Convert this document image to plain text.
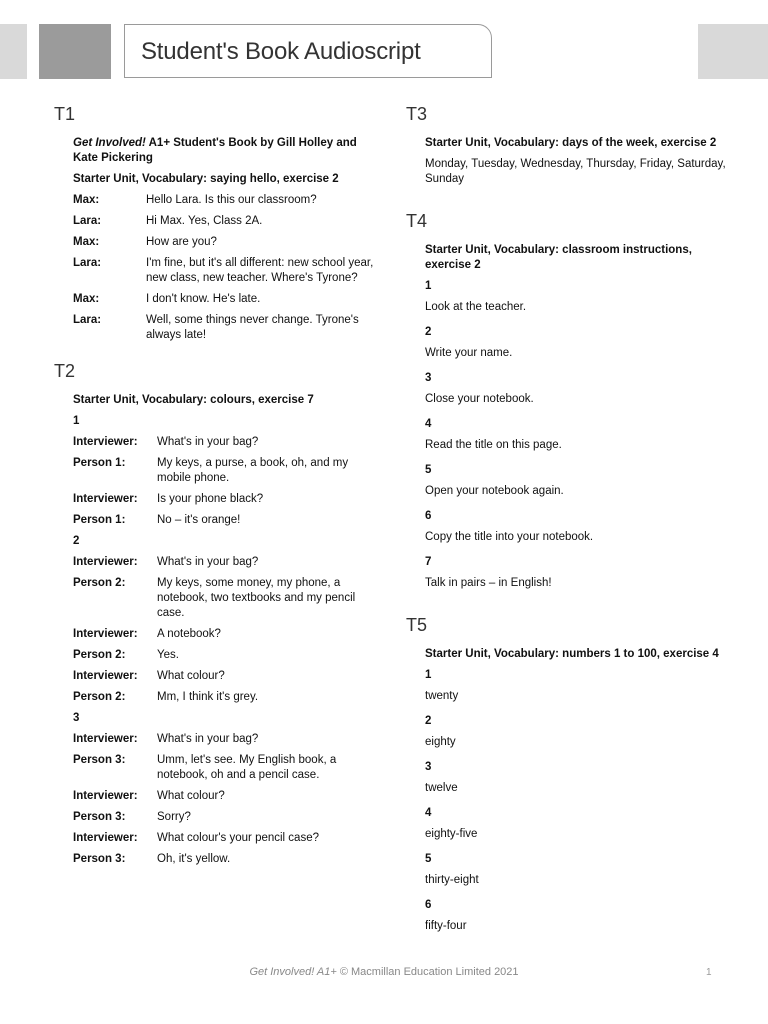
Student's Book Audioscript
T1

Get Involved! A1+ Student's Book by Gill Holley and Kate Pickering

Starter Unit, Vocabulary: saying hello, exercise 2

Max:	Hello Lara. Is this our classroom?
Lara:	Hi Max. Yes, Class 2A.
Max:	How are you?
Lara:	I'm fine, but it's all different: new school year, new class, new teacher. Where's Tyrone?
Max:	I don't know. He's late.
Lara:	Well, some things never change. Tyrone's always late!
T2

Starter Unit, Vocabulary: colours, exercise 7

1

Interviewer:	What's in your bag?
Person 1:	My keys, a purse, a book, oh, and my mobile phone.
Interviewer:	Is your phone black?
Person 1:	No – it's orange!

2

Interviewer:	What's in your bag?
Person 2:	My keys, some money, my phone, a notebook, two textbooks and my pencil case.
Interviewer:	A notebook?
Person 2:	Yes.
Interviewer:	What colour?
Person 2:	Mm, I think it's grey.

3

Interviewer:	What's in your bag?
Person 3:	Umm, let's see. My English book, a notebook, oh and a pencil case.
Interviewer:	What colour?
Person 3:	Sorry?
Interviewer:	What colour's your pencil case?
Person 3:	Oh, it's yellow.
T3

Starter Unit, Vocabulary: days of the week, exercise 2

Monday, Tuesday, Wednesday, Thursday, Friday, Saturday, Sunday

T4

Starter Unit, Vocabulary: classroom instructions, exercise 2

1

Look at the teacher.

2

Write your name.

3

Close your notebook.

4

Read the title on this page.

5

Open your notebook again.

6

Copy the title into your notebook.

7

Talk in pairs – in English!

T5

Starter Unit, Vocabulary: numbers 1 to 100, exercise 4

1

twenty

2

eighty

3

twelve

4

eighty-five

5

thirty-eight

6

fifty-four

Get Involved! A1+ © Macmillan Education Limited 2021	1
